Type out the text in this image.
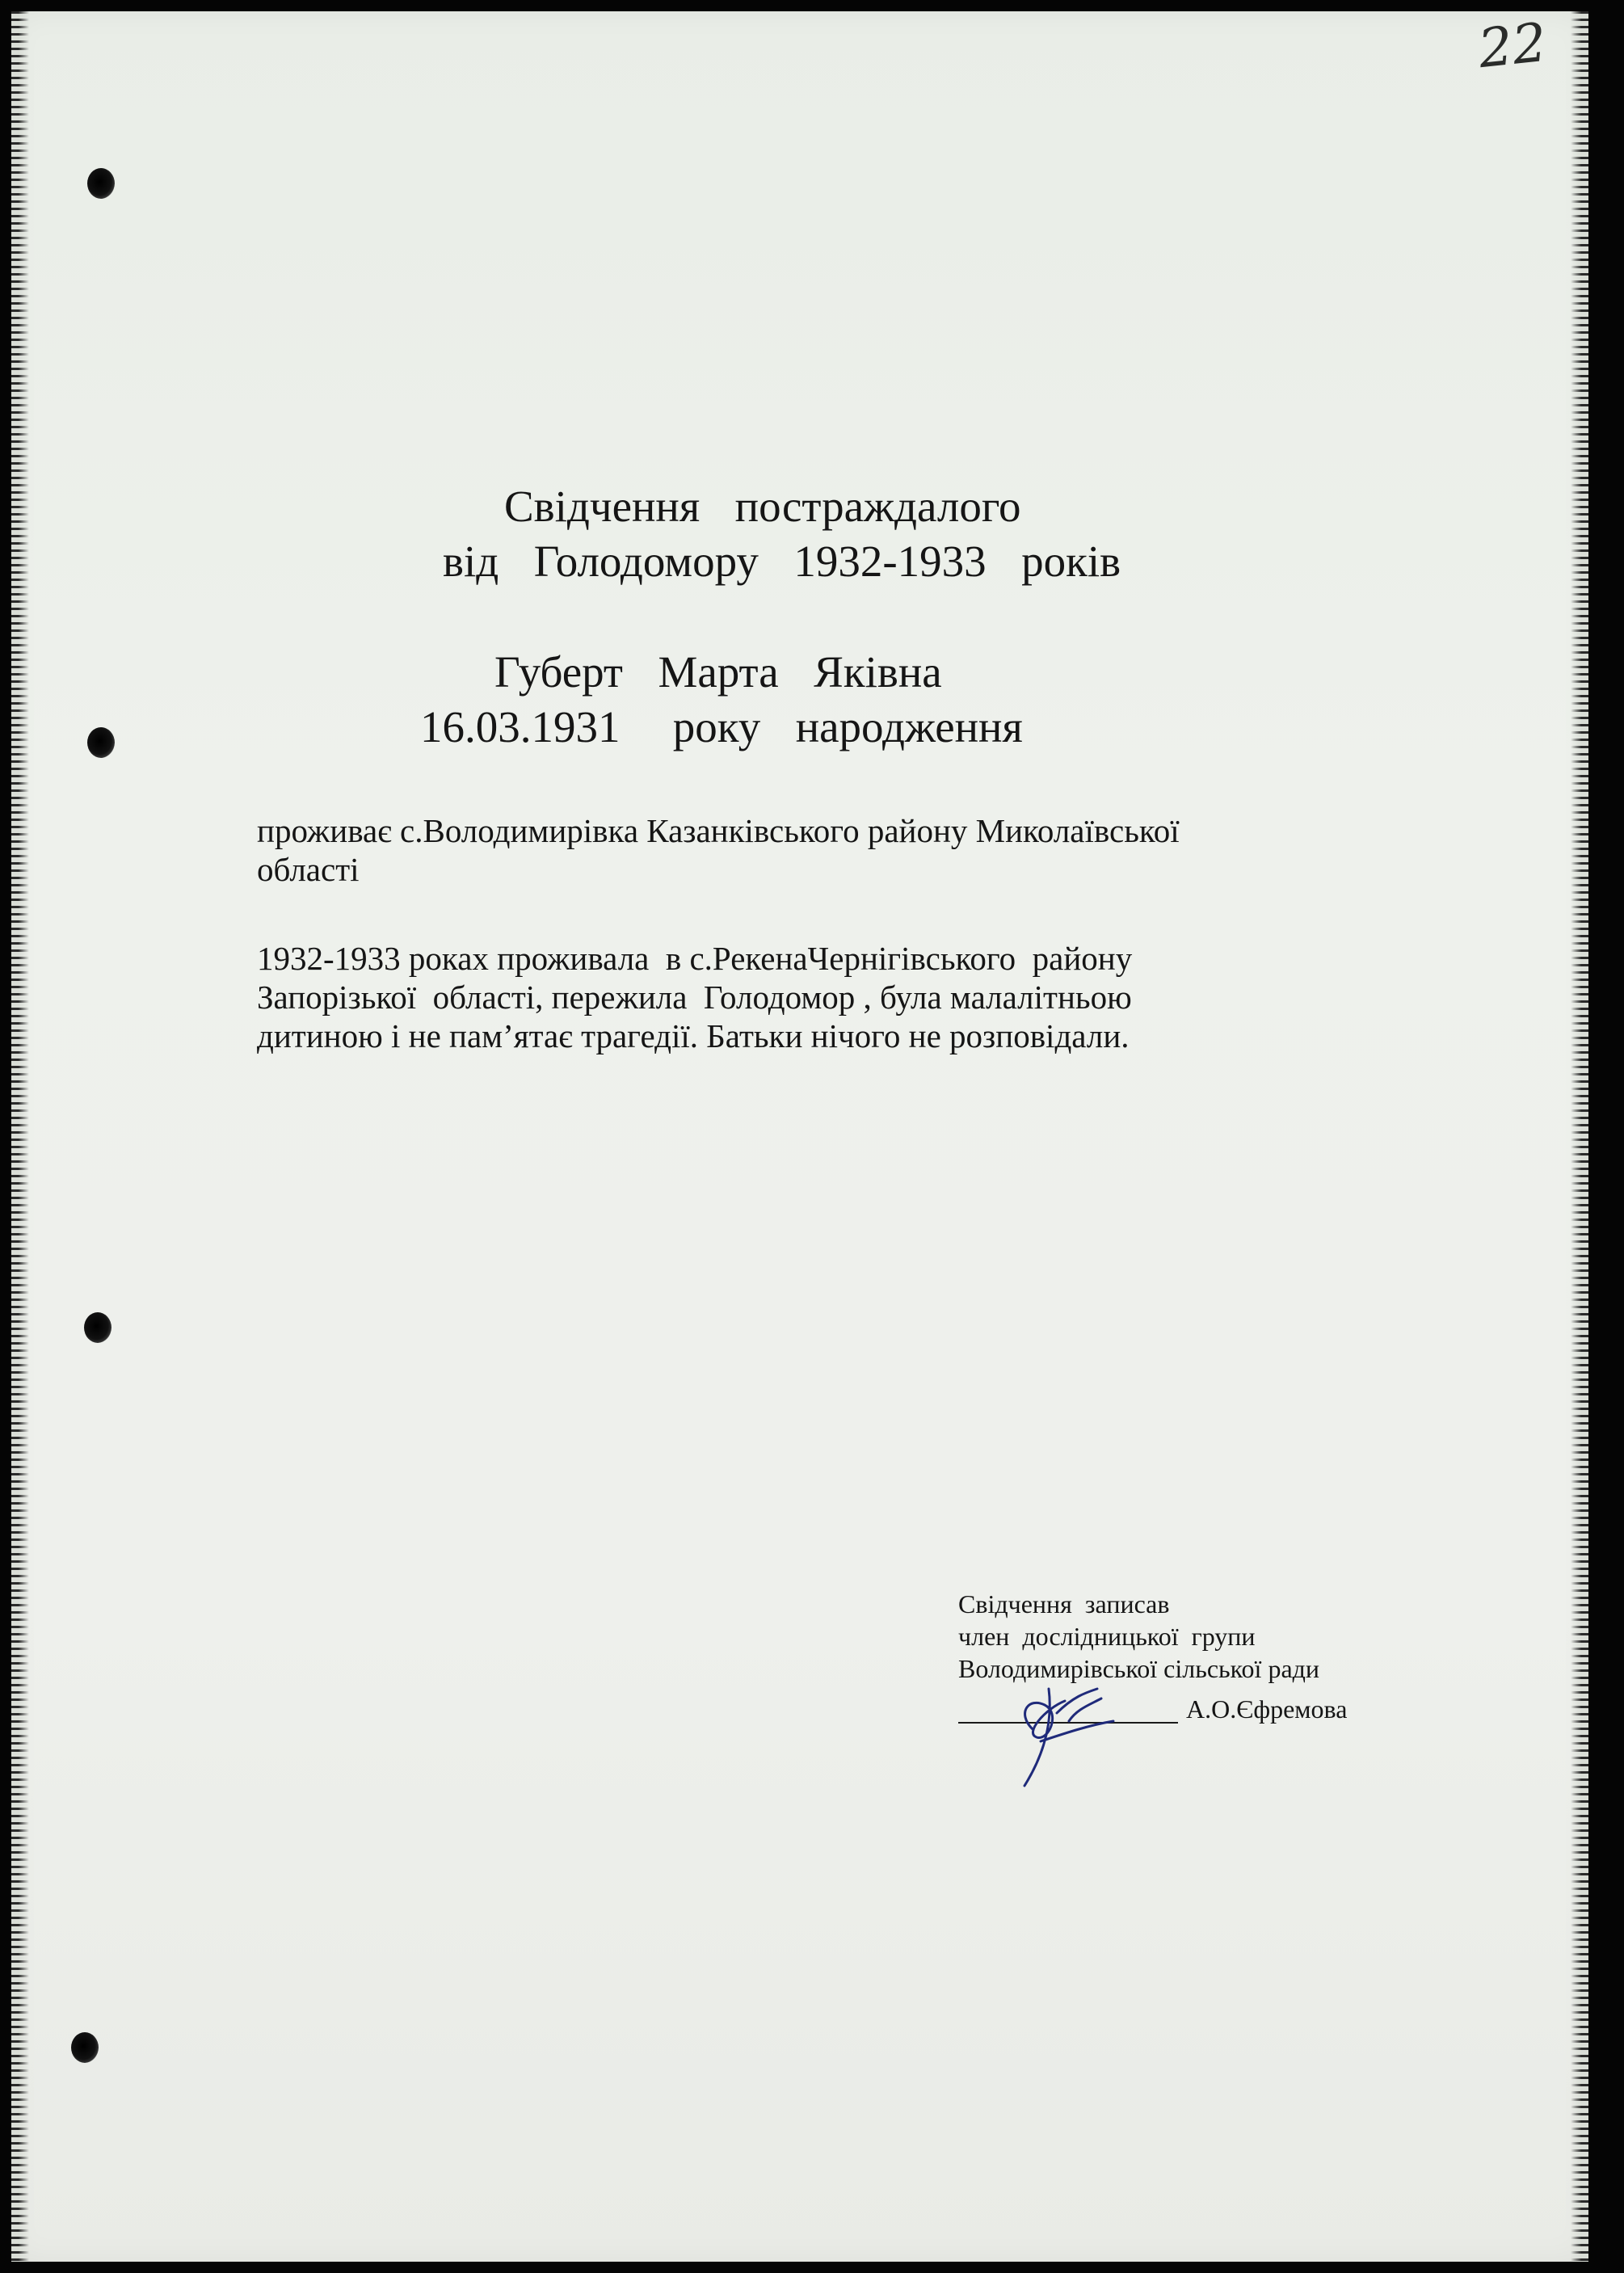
22
Свідчення  постраждалого
від  Голодомору  1932-1933  років
Губерт  Марта  Яківна
16.03.1931   року  народження
проживає с.Володимирівка Казанківського району Миколаївської
області
1932-1933 роках проживала  в с.РекенаЧернігівського  району
Запорізької  області, пережила  Голодомор , була малалітньою
дитиною і не пам’ятає трагедії. Батьки нічого не розповідали.
Свідчення  записав
член  дослідницької  групи
Володимирівської сільської ради
А.О.Єфремова
